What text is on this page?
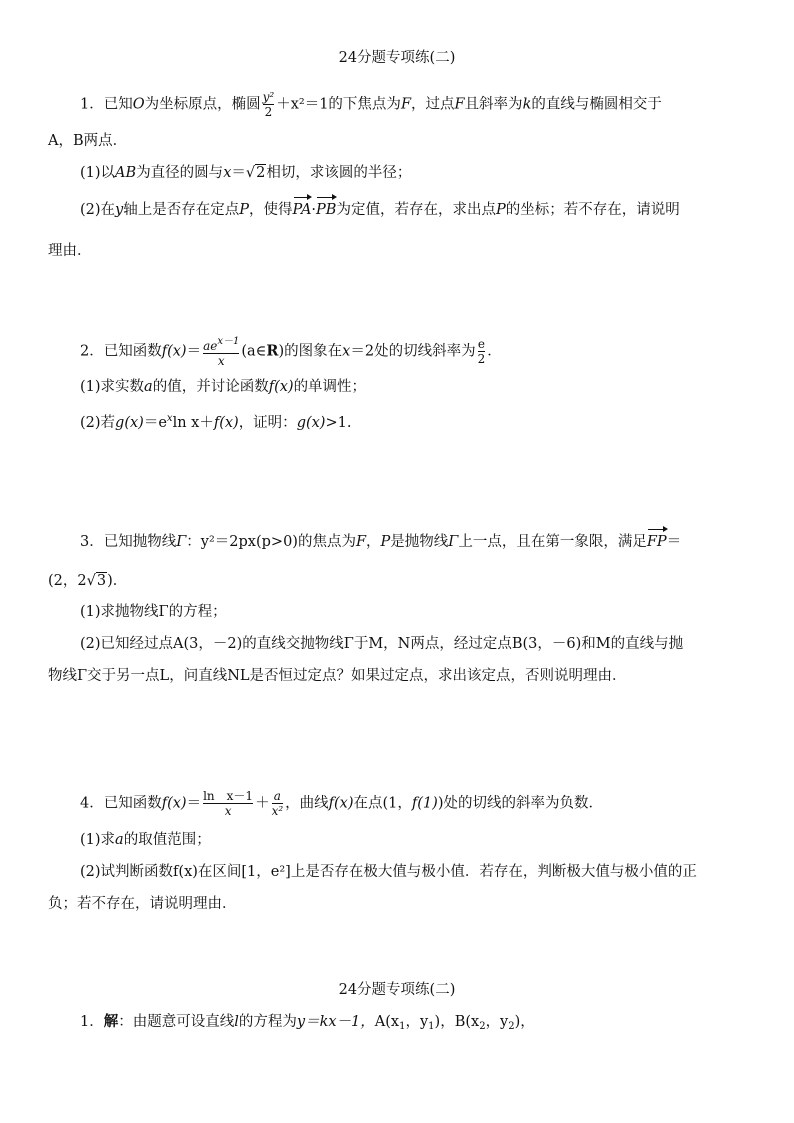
24分题专项练(二)
1．已知O为坐标原点，椭圆 $\frac{\text{y²}}{2} +x^2=1$的下焦点为F，过点F且斜率为k的直线与椭圆相交于
A，B两点．
(1)以AB为直径的圆与x＝√2相切，求该圆的半径；
(2)在y轴上是否存在定点P，使得PA·PB为定值，若存在，求出点P的坐标；若不存在，请说明
理由．
2．已知函数$f(x)= \frac{ae^{x-1}}{x}$ (a∈R)的图象在x＝2处的切线斜率为 $\frac{e}{2}$ ．
(1)求实数a的值，并讨论函数f(x)的单调性；
(2)若$g(x)=e^x\ln$ x＋f(x)，证明：g(x)>1.
3．已知抛物线Γ：y²＝2px(p>0)的焦点为F，P是抛物线Γ上一点，且在第一象限，满足FP＝
(2，2√3)．
(1)求抛物线Γ的方程；
(2)已知经过点A(3，－2)的直线交抛物线Γ于M，N两点，经过定点B(3，－6)和M的直线与抛
物线Γ交于另一点L，问直线NL是否恒过定点？如果过定点，求出该定点，否则说明理由．
4．已知函数$f(x)= \frac{\text{ln　x－1}}{x} + \frac{a}{\text{x²}}$ ，曲线f(x)在点(1，f(1))处的切线的斜率为负数．
(1)求a的取值范围；
(2)试判断函数f(x)在区间[1，e²]上是否存在极大值与极小值．若存在，判断极大值与极小值的正
负；若不存在，请说明理由．
24分题专项练(二)
1．解：由题意可设直线l的方程为y＝kx－1，$A(x_1$，$y_1$)，$B(x_2$，$y_2$)，
